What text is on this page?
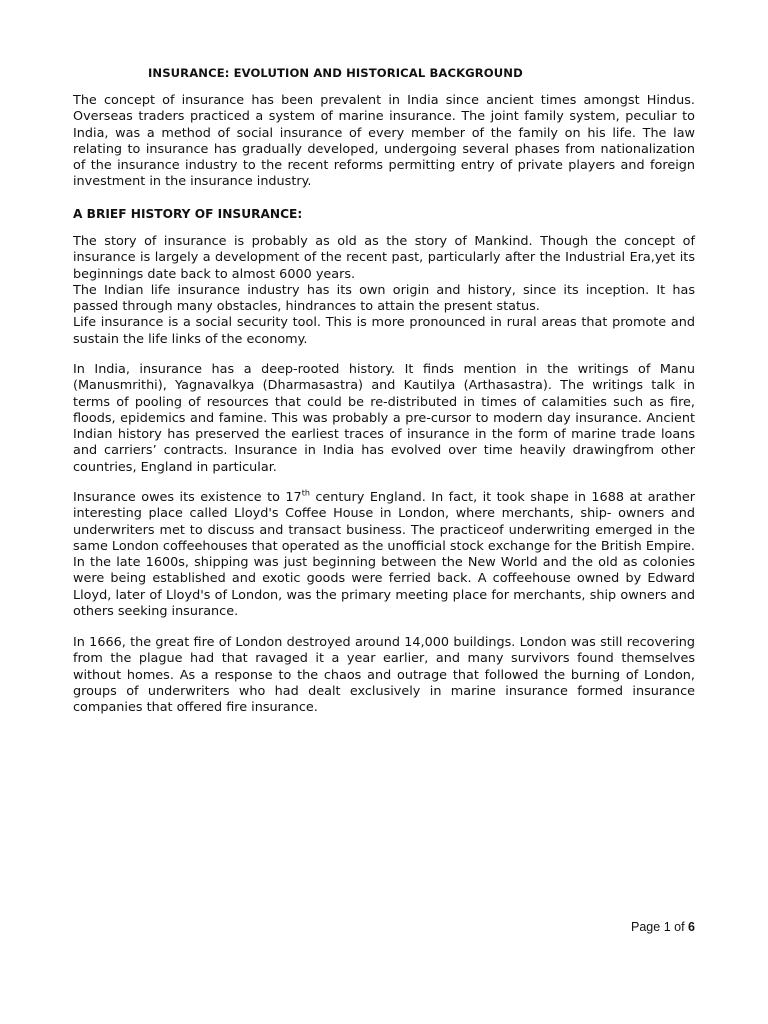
INSURANCE: EVOLUTION AND HISTORICAL BACKGROUND

The concept of insurance has been prevalent in India since ancient times amongst Hindus. Overseas traders practiced a system of marine insurance. The joint family system, peculiar to India, was a method of social insurance of every member of the family on his life. The law relating to insurance has gradually developed, undergoing several phases from nationalization of the insurance industry to the recent reforms permitting entry of private players and foreign investment in the insurance industry.

A BRIEF HISTORY OF INSURANCE:

The story of insurance is probably as old as the story of Mankind. Though the concept of insurance is largely a development of the recent past, particularly after the Industrial Era,yet its beginnings date back to almost 6000 years.

The Indian life insurance industry has its own origin and history, since its inception. It has passed through many obstacles, hindrances to attain the present status.

Life insurance is a social security tool. This is more pronounced in rural areas that promote and sustain the life links of the economy.

In India, insurance has a deep-rooted history. It finds mention in the writings of Manu (Manusmrithi), Yagnavalkya (Dharmasastra) and Kautilya (Arthasastra). The writings talk in terms of pooling of resources that could be re-distributed in times of calamities such as fire, floods, epidemics and famine. This was probably a pre-cursor to modern day insurance. Ancient Indian history has preserved the earliest traces of insurance in the form of marine trade loans and carriers’ contracts. Insurance in India has evolved over time heavily drawingfrom other countries, England in particular.

Insurance owes its existence to 17th century England. In fact, it took shape in 1688 at arather interesting place called Lloyd's Coffee House in London, where merchants, ship- owners and underwriters met to discuss and transact business. The practiceof underwriting emerged in the same London coffeehouses that operated as the unofficial stock exchange for the British Empire. In the late 1600s, shipping was just beginning between the New World and the old as colonies were being established and exotic goods were ferried back. A coffeehouse owned by Edward Lloyd, later of Lloyd's of London, was the primary meeting place for merchants, ship owners and others seeking insurance.

In 1666, the great fire of London destroyed around 14,000 buildings. London was still recovering from the plague had that ravaged it a year earlier, and many survivors found themselves without homes. As a response to the chaos and outrage that followed the burning of London, groups of underwriters who had dealt exclusively in marine insurance formed insurance companies that offered fire insurance.

Page 1 of 6
